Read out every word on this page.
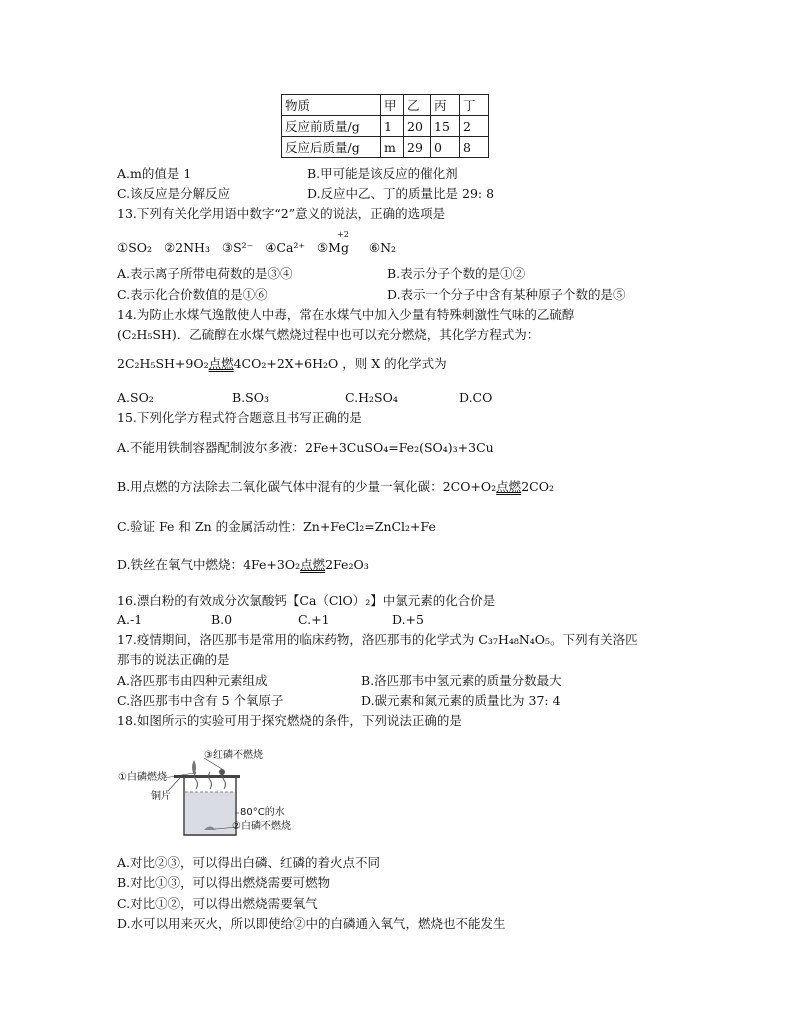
物质	甲	乙	丙	丁
反应前质量/g	1	20	15	2
反应后质量/g	m	29	0	8
A.m的值是 1	B.甲可能是该反应的催化剂
C.该反应是分解反应	D.反应中乙、丁的质量比是 29: 8
13.下列有关化学用语中数字“2”意义的说法，正确的选项是
①SO₂ ②2NH₃ ③S²⁻ ④Ca²⁺ ⑤Mg ⑥N₂
+2
A.表示离子所带电荷数的是③④	B.表示分子个数的是①②
C.表示化合价数值的是①⑥	D.表示一个分子中含有某种原子个数的是⑤
14.为防止水煤气逸散使人中毒，常在水煤气中加入少量有特殊刺激性气味的乙硫醇
(C₂H₅SH)．乙硫醇在水煤气燃烧过程中也可以充分燃烧，其化学方程式为：
2C₂H₅SH+9O₂点燃4CO₂+2X+6H₂O ，则 X 的化学式为
A.SO₂	B.SO₃	C.H₂SO₄	D.CO
15.下列化学方程式符合题意且书写正确的是
A.不能用铁制容器配制波尔多液：2Fe+3CuSO₄=Fe₂(SO₄)₃+3Cu
B.用点燃的方法除去二氧化碳气体中混有的少量一氧化碳：2CO+O₂点燃2CO₂
C.验证 Fe 和 Zn 的金属活动性：Zn+FeCl₂=ZnCl₂+Fe
D.铁丝在氧气中燃烧：4Fe+3O₂点燃2Fe₂O₃
16.漂白粉的有效成分次氯酸钙【Ca（ClO）₂】中氯元素的化合价是
A.-1	B.0	C.+1	D.+5
17.疫情期间，洛匹那韦是常用的临床药物，洛匹那韦的化学式为 C₃₇H₄₈N₄O₅。下列有关洛匹
那韦的说法正确的是
A.洛匹那韦由四种元素组成	B.洛匹那韦中氢元素的质量分数最大
C.洛匹那韦中含有 5 个氧原子	D.碳元素和氮元素的质量比为 37: 4
18.如图所示的实验可用于探究燃烧的条件，下列说法正确的是
③红磷不燃烧
①白磷燃烧
铜片
80°C的水
②白磷不燃烧
A.对比②③，可以得出白磷、红磷的着火点不同
B.对比①③，可以得出燃烧需要可燃物
C.对比①②，可以得出燃烧需要氧气
D.水可以用来灭火，所以即使给②中的白磷通入氧气，燃烧也不能发生
